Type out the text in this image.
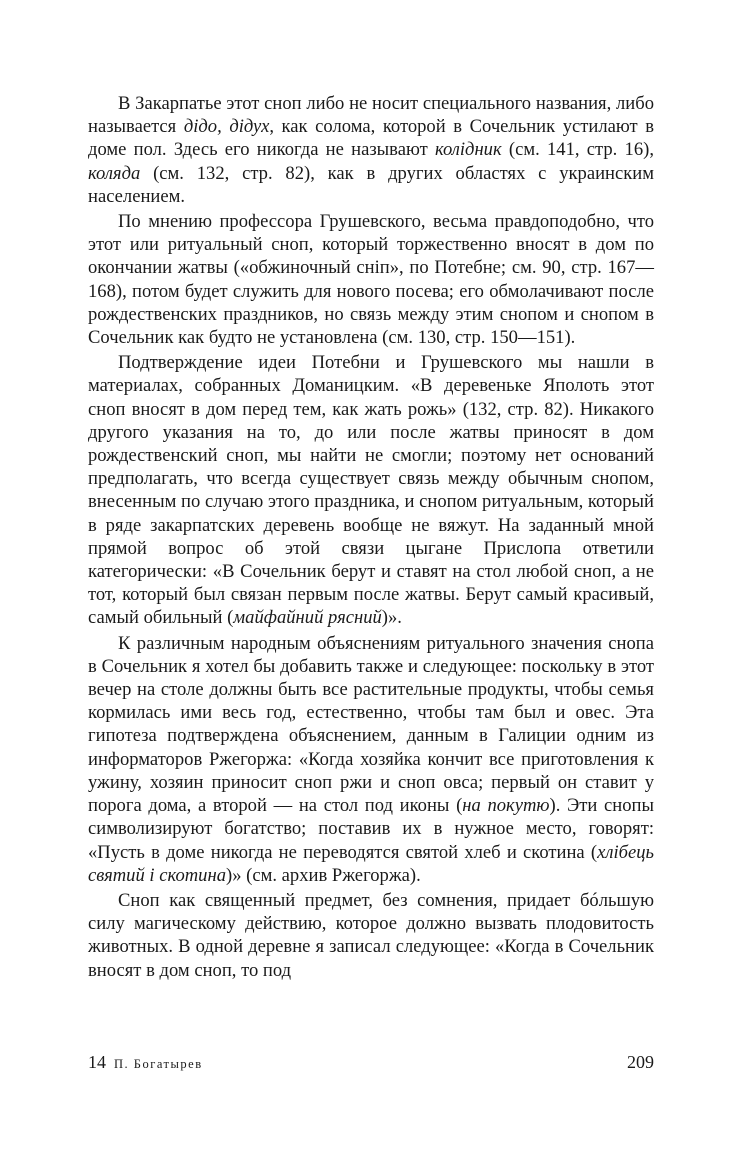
В Закарпатье этот сноп либо не носит специального названия, либо называется дідо, дідух, как солома, которой в Сочельник устилают в доме пол. Здесь его никогда не называют колідник (см. 141, стр. 16), коляда (см. 132, стр. 82), как в других областях с украинским населением.

По мнению профессора Грушевского, весьма правдоподобно, что этот или ритуальный сноп, который торжественно вносят в дом по окончании жатвы («обжиночный сніп», по Потебне; см. 90, стр. 167—168), потом будет служить для нового посева; его обмолачивают после рождественских праздников, но связь между этим снопом и снопом в Сочельник как будто не установлена (см. 130, стр. 150—151).

Подтверждение идеи Потебни и Грушевского мы нашли в материалах, собранных Доманицким. «В деревеньке Яполоть этот сноп вносят в дом перед тем, как жать рожь» (132, стр. 82). Никакого другого указания на то, до или после жатвы приносят в дом рождественский сноп, мы найти не смогли; поэтому нет оснований предполагать, что всегда существует связь между обычным снопом, внесенным по случаю этого праздника, и снопом ритуальным, который в ряде закарпатских деревень вообще не вяжут. На заданный мной прямой вопрос об этой связи цыгане Прислопа ответили категорически: «В Сочельник берут и ставят на стол любой сноп, а не тот, который был связан первым после жатвы. Берут самый красивый, самый обильный (майфайний рясний)».

К различным народным объяснениям ритуального значения снопа в Сочельник я хотел бы добавить также и следующее: поскольку в этот вечер на столе должны быть все растительные продукты, чтобы семья кормилась ими весь год, естественно, чтобы там был и овес. Эта гипотеза подтверждена объяснением, данным в Галиции одним из информаторов Ржегоржа: «Когда хозяйка кончит все приготовления к ужину, хозяин приносит сноп ржи и сноп овса; первый он ставит у порога дома, а второй — на стол под иконы (на покутю). Эти снопы символизируют богатство; поставив их в нужное место, говорят: «Пусть в доме никогда не переводятся святой хлеб и скотина (хлібець святий і скотина)» (см. архив Ржегоржа).

Сноп как священный предмет, без сомнения, придает бóльшую силу магическому действию, которое должно вызвать плодовитость животных. В одной деревне я записал следующее: «Когда в Сочельник вносят в дом сноп, то под

14 П. Богатырев	209
